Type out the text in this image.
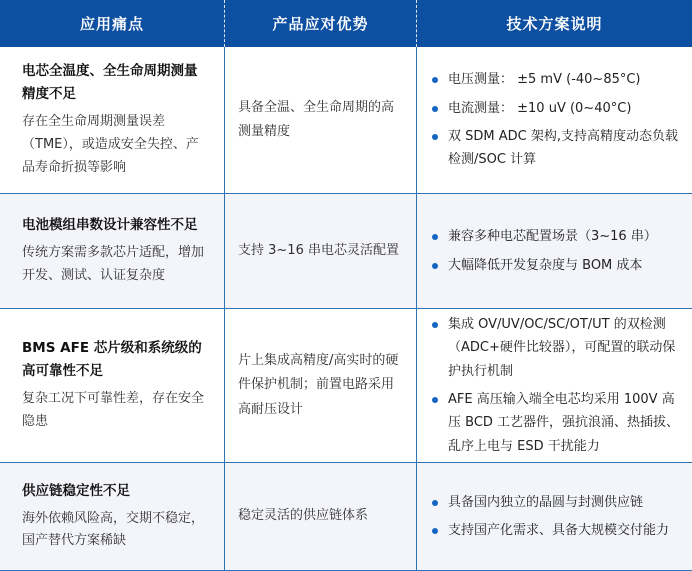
应用痛点	产品应对优势	技术方案说明
电芯全温度、全生命周期测量精度不足
存在全生命周期测量误差（TME），或造成安全失控、产品寿命折损等影响
具备全温、全生命周期的高测量精度
电压测量： ±5 mV (-40~85°C)
电流测量： ±10 uV (0~40°C)
双 SDM ADC 架构,支持高精度动态负载检测/SOC 计算
电池模组串数设计兼容性不足
传统方案需多款芯片适配，增加开发、测试、认证复杂度
支持 3~16 串电芯灵活配置
兼容多种电芯配置场景（3~16 串）
大幅降低开发复杂度与 BOM 成本
BMS AFE 芯片级和系统级的高可靠性不足
复杂工况下可靠性差，存在安全隐患
片上集成高精度/高实时的硬件保护机制；前置电路采用高耐压设计
集成 OV/UV/OC/SC/OT/UT 的双检测（ADC+硬件比较器），可配置的联动保护执行机制
AFE 高压输入端全电芯均采用 100V 高压 BCD 工艺器件，强抗浪涌、热插拔、乱序上电与 ESD 干扰能力
供应链稳定性不足
海外依赖风险高，交期不稳定，国产替代方案稀缺
稳定灵活的供应链体系
具备国内独立的晶圆与封测供应链
支持国产化需求、具备大规模交付能力
